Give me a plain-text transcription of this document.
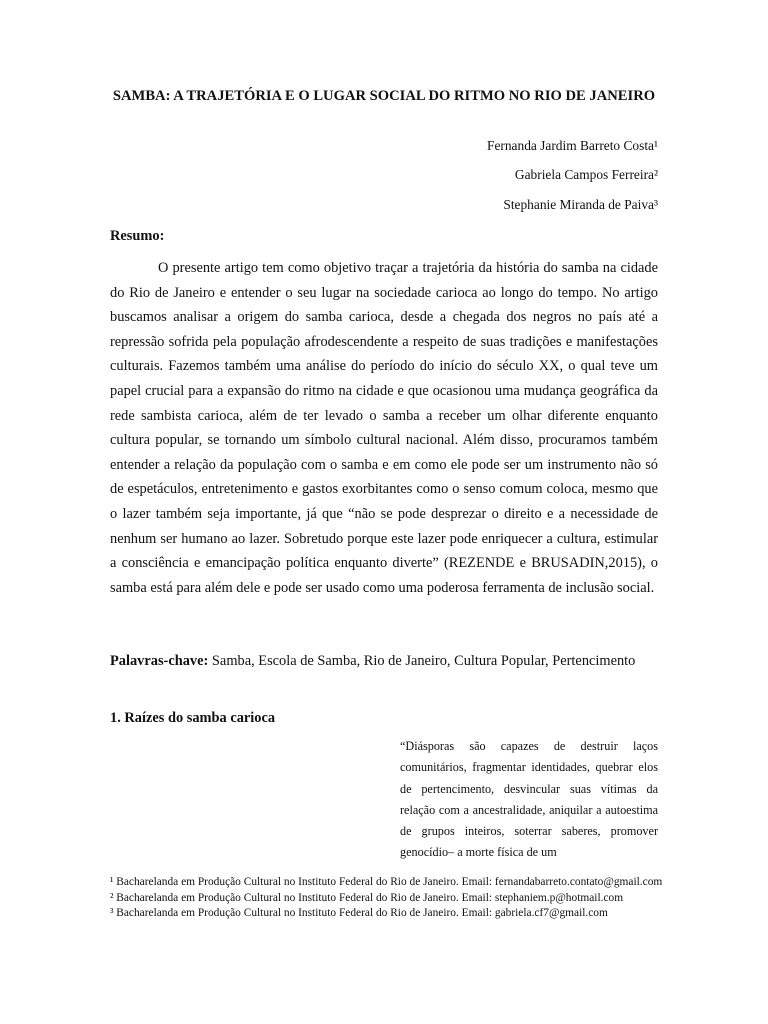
SAMBA: A TRAJETÓRIA E O LUGAR SOCIAL DO RITMO NO RIO DE JANEIRO
Fernanda Jardim Barreto Costa¹
Gabriela Campos Ferreira²
Stephanie Miranda de Paiva³
Resumo:

O presente artigo tem como objetivo traçar a trajetória da história do samba na cidade do Rio de Janeiro e entender o seu lugar na sociedade carioca ao longo do tempo. No artigo buscamos analisar a origem do samba carioca, desde a chegada dos negros no país até a repressão sofrida pela população afrodescendente a respeito de suas tradições e manifestações culturais. Fazemos também uma análise do período do início do século XX, o qual teve um papel crucial para a expansão do ritmo na cidade e que ocasionou uma mudança geográfica da rede sambista carioca, além de ter levado o samba a receber um olhar diferente enquanto cultura popular, se tornando um símbolo cultural nacional. Além disso, procuramos também entender a relação da população com o samba e em como ele pode ser um instrumento não só de espetáculos, entretenimento e gastos exorbitantes como o senso comum coloca, mesmo que o lazer também seja importante, já que “não se pode desprezar o direito e a necessidade de nenhum ser humano ao lazer. Sobretudo porque este lazer pode enriquecer a cultura, estimular a consciência e emancipação política enquanto diverte” (REZENDE e BRUSADIN,2015), o samba está para além dele e pode ser usado como uma poderosa ferramenta de inclusão social.

Palavras-chave: Samba, Escola de Samba, Rio de Janeiro, Cultura Popular, Pertencimento

1. Raízes do samba carioca

“Diásporas são capazes de destruir laços comunitários, fragmentar identidades, quebrar elos de pertencimento, desvincular suas vítimas da relação com a ancestralidade, aniquilar a autoestima de grupos inteiros, soterrar saberes, promover genocídio– a morte física de um

¹ Bacharelanda em Produção Cultural no Instituto Federal do Rio de Janeiro. Email: fernandabarreto.contato@gmail.com
² Bacharelanda em Produção Cultural no Instituto Federal do Rio de Janeiro. Email: stephaniem.p@hotmail.com
³ Bacharelanda em Produção Cultural no Instituto Federal do Rio de Janeiro. Email: gabriela.cf7@gmail.com
